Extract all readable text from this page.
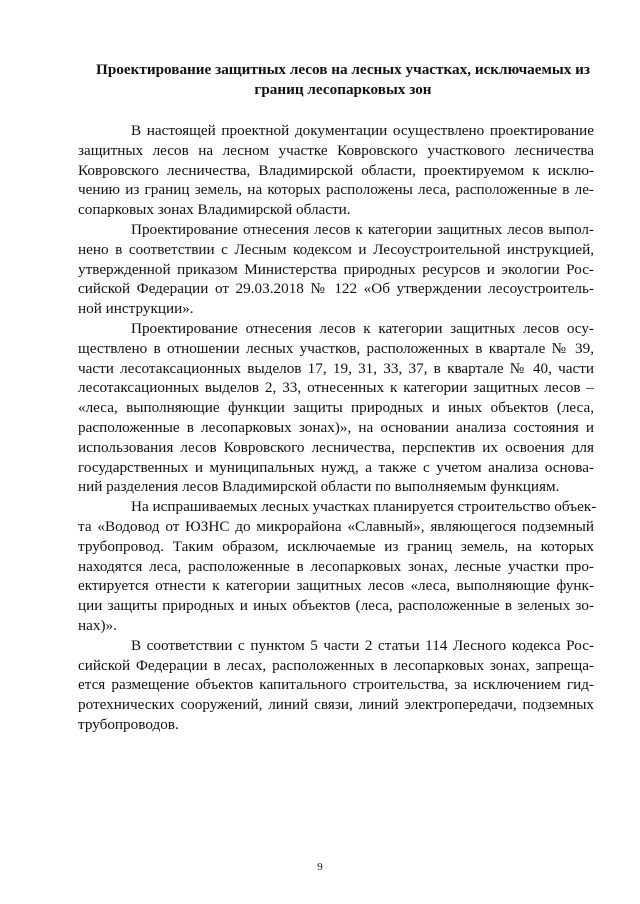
Проектирование защитных лесов на лесных участках, исключаемых из
границ лесопарковых зон
В настоящей проектной документации осуществлено проектирование
защитных лесов на лесном участке Ковровского участкового лесничества
Ковровского лесничества, Владимирской области, проектируемом к исклю-
чению из границ земель, на которых расположены леса, расположенные в ле-
сопарковых зонах Владимирской области.
Проектирование отнесения лесов к категории защитных лесов выпол-
нено в соответствии с Лесным кодексом и Лесоустроительной инструкцией,
утвержденной приказом Министерства природных ресурсов и экологии Рос-
сийской Федерации от 29.03.2018 № 122 «Об утверждении лесоустроитель-
ной инструкции».
Проектирование отнесения лесов к категории защитных лесов осу-
ществлено в отношении лесных участков, расположенных в квартале № 39,
части лесотаксационных выделов 17, 19, 31, 33, 37, в квартале № 40, части
лесотаксационных выделов 2, 33, отнесенных к категории защитных лесов –
«леса, выполняющие функции защиты природных и иных объектов (леса,
расположенные в лесопарковых зонах)», на основании анализа состояния и
использования лесов Ковровского лесничества, перспектив их освоения для
государственных и муниципальных нужд, а также с учетом анализа основа-
ний разделения лесов Владимирской области по выполняемым функциям.
На испрашиваемых лесных участках планируется строительство объек-
та «Водовод от ЮЗНС до микрорайона «Славный», являющегося подземный
трубопровод. Таким образом, исключаемые из границ земель, на которых
находятся леса, расположенные в лесопарковых зонах, лесные участки про-
ектируется отнести к категории защитных лесов «леса, выполняющие функ-
ции защиты природных и иных объектов (леса, расположенные в зеленых зо-
нах)».
В соответствии с пунктом 5 части 2 статьи 114 Лесного кодекса Рос-
сийской Федерации в лесах, расположенных в лесопарковых зонах, запреща-
ется размещение объектов капитального строительства, за исключением гид-
ротехнических сооружений, линий связи, линий электропередачи, подземных
трубопроводов.
9
